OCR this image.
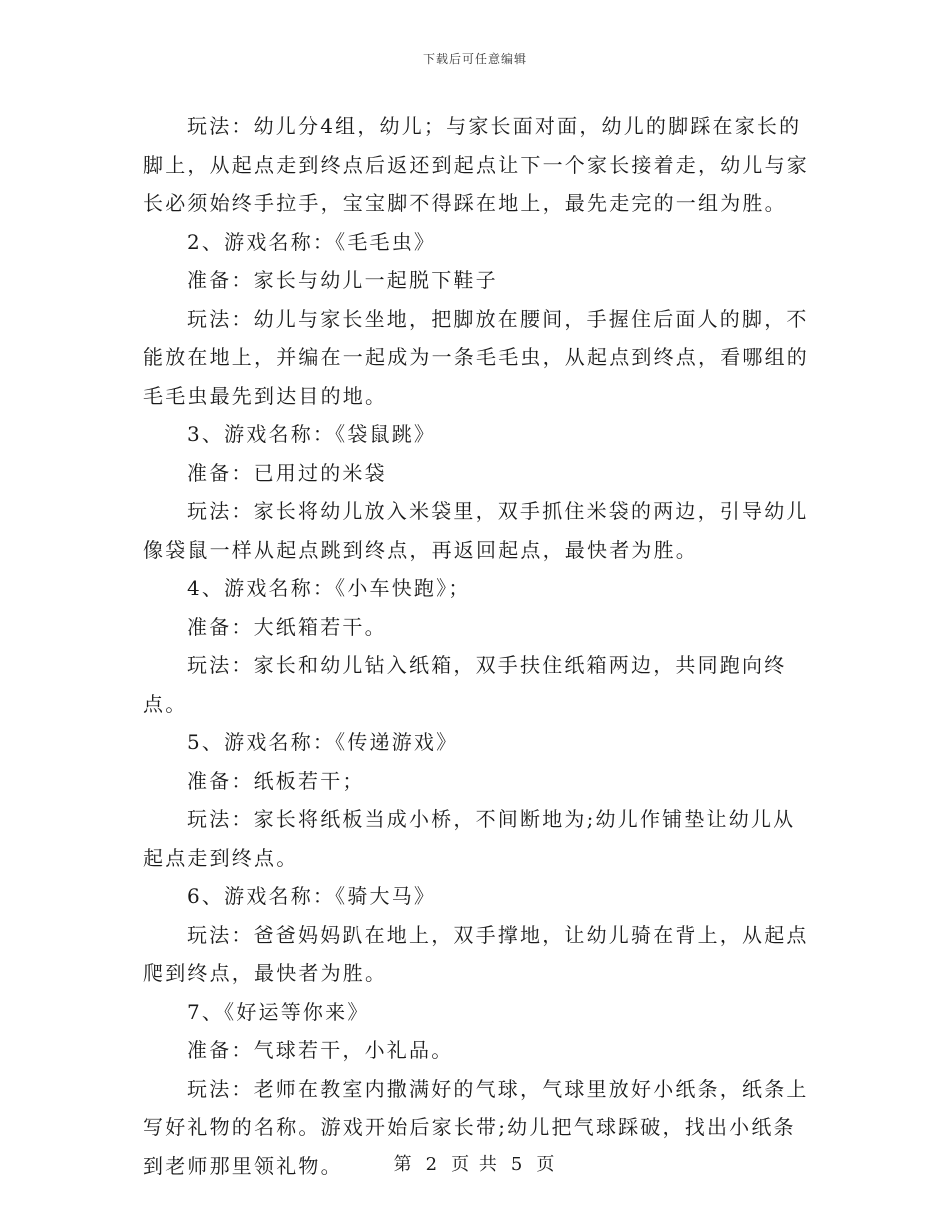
下载后可任意编辑

玩法：幼儿分4组，幼儿；与家长面对面，幼儿的脚踩在家长的脚上，从起点走到终点后返还到起点让下一个家长接着走，幼儿与家长必须始终手拉手，宝宝脚不得踩在地上，最先走完的一组为胜。

2、游戏名称：《毛毛虫》

准备：家长与幼儿一起脱下鞋子

玩法：幼儿与家长坐地，把脚放在腰间，手握住后面人的脚，不能放在地上，并编在一起成为一条毛毛虫，从起点到终点，看哪组的毛毛虫最先到达目的地。

3、游戏名称：《袋鼠跳》

准备：已用过的米袋

玩法：家长将幼儿放入米袋里，双手抓住米袋的两边，引导幼儿像袋鼠一样从起点跳到终点，再返回起点，最快者为胜。

4、游戏名称：《小车快跑》；

准备：大纸箱若干。

玩法：家长和幼儿钻入纸箱，双手扶住纸箱两边，共同跑向终点。

5、游戏名称：《传递游戏》

准备：纸板若干；

玩法：家长将纸板当成小桥，不间断地为;幼儿作铺垫让幼儿从起点走到终点。

6、游戏名称：《骑大马》

玩法：爸爸妈妈趴在地上，双手撑地，让幼儿骑在背上，从起点爬到终点，最快者为胜。

7、《好运等你来》

准备：气球若干，小礼品。

玩法：老师在教室内撒满好的气球，气球里放好小纸条，纸条上写好礼物的名称。游戏开始后家长带;幼儿把气球踩破，找出小纸条到老师那里领礼物。	第 2 页 共 5 页
